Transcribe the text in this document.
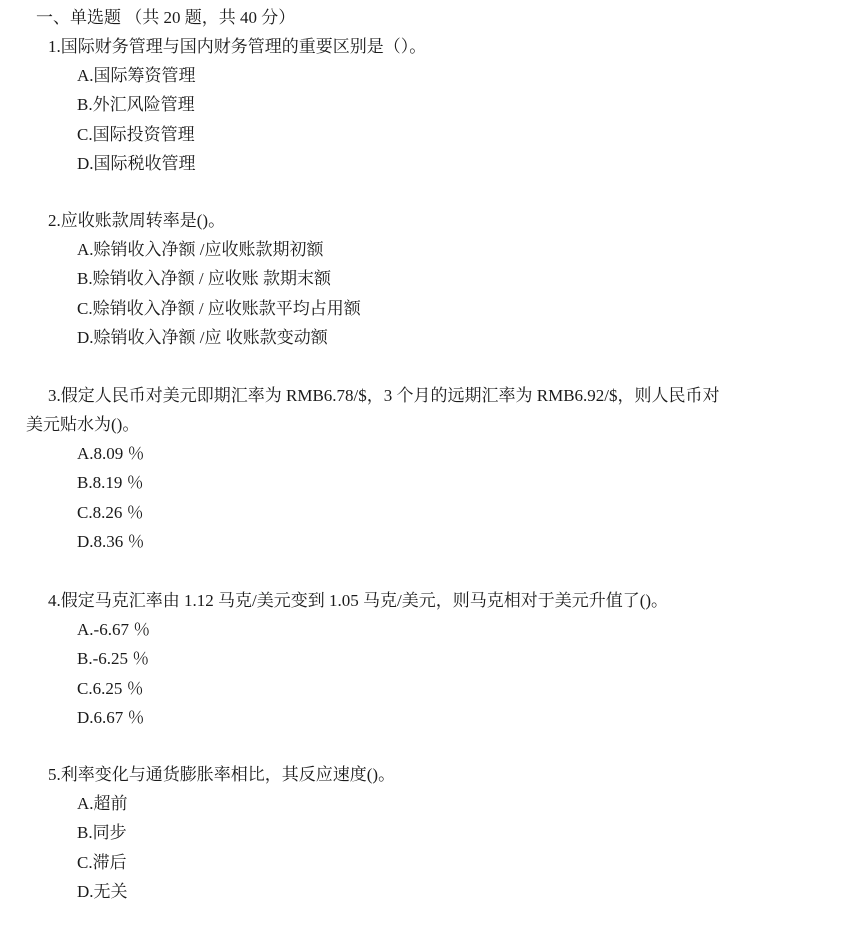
一、单选题 （共 20 题，共 40 分）
1.国际财务管理与国内财务管理的重要区别是（）。
A.国际筹资管理
B.外汇风险管理
C.国际投资管理
D.国际税收管理
2.应收账款周转率是()。
A.赊销收入净额 /应收账款期初额
B.赊销收入净额 / 应收账 款期末额
C.赊销收入净额 / 应收账款平均占用额
D.赊销收入净额 /应 收账款变动额
3.假定人民币对美元即期汇率为 RMB6.78/$，3 个月的远期汇率为 RMB6.92/$，则人民币对
美元贴水为()。
A.8.09 ％
B.8.19 ％
C.8.26 ％
D.8.36 ％
4.假定马克汇率由 1.12 马克/美元变到 1.05 马克/美元，则马克相对于美元升值了()。
A.-6.67 ％
B.-6.25 ％
C.6.25 ％
D.6.67 ％
5.利率变化与通货膨胀率相比，其反应速度()。
A.超前
B.同步
C.滞后
D.无关
